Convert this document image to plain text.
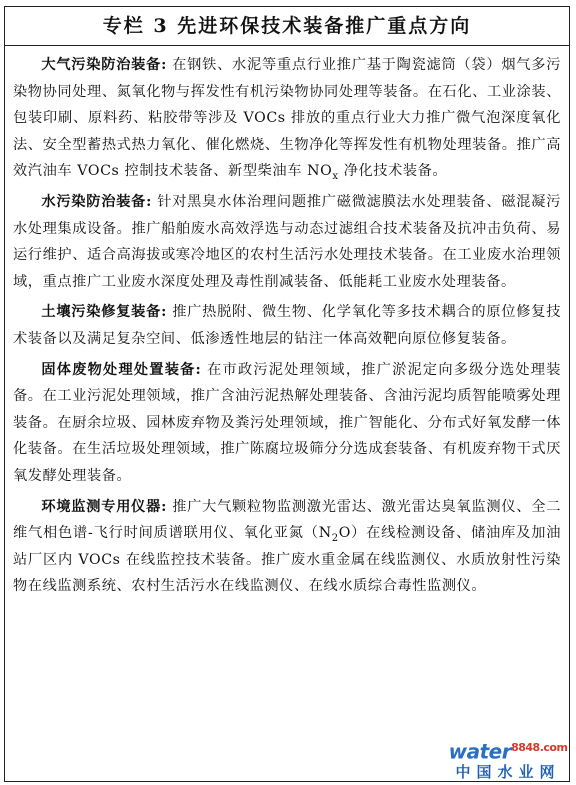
专栏 3 先进环保技术装备推广重点方向

大气污染防治装备: 在钢铁、水泥等重点行业推广基于陶瓷滤筒（袋）烟气多污染物协同处理、氮氧化物与挥发性有机污染物协同处理等装备。在石化、工业涂装、包装印刷、原料药、粘胶带等涉及 VOCs 排放的重点行业大力推广微气泡深度氧化法、安全型蓄热式热力氧化、催化燃烧、生物净化等挥发性有机物处理装备。推广高效汽油车 VOCs 控制技术装备、新型柴油车 $NO_x$ 净化技术装备。

水污染防治装备: 针对黑臭水体治理问题推广磁微滤膜法水处理装备、磁混凝污水处理集成设备。推广船舶废水高效浮选与动态过滤组合技术装备及抗冲击负荷、易运行维护、适合高海拔或寒冷地区的农村生活污水处理技术装备。在工业废水治理领域，重点推广工业废水深度处理及毒性削减装备、低能耗工业废水处理装备。

土壤污染修复装备: 推广热脱附、微生物、化学氧化等多技术耦合的原位修复技术装备以及满足复杂空间、低渗透性地层的钻注一体高效靶向原位修复装备。

固体废物处理处置装备: 在市政污泥处理领域，推广淤泥定向多级分选处理装备。在工业污泥处理领域，推广含油污泥热解处理装备、含油污泥均质智能喷雾处理装备。在厨余垃圾、园林废弃物及粪污处理领域，推广智能化、分布式好氧发酵一体化装备。在生活垃圾处理领域，推广陈腐垃圾筛分分选成套装备、有机废弃物干式厌氧发酵处理装备。

环境监测专用仪器: 推广大气颗粒物监测激光雷达、激光雷达臭氧监测仪、全二维气相色谱-飞行时间质谱联用仪、氧化亚氮$(N_2O)$在线检测设备、储油库及加油站厂区内 VOCs 在线监控技术装备。推广废水重金属在线监测仪、水质放射性污染物在线监测系统、农村生活污水在线监测仪、在线水质综合毒性监测仪。

water$^{8848.com}$
中国水业网
